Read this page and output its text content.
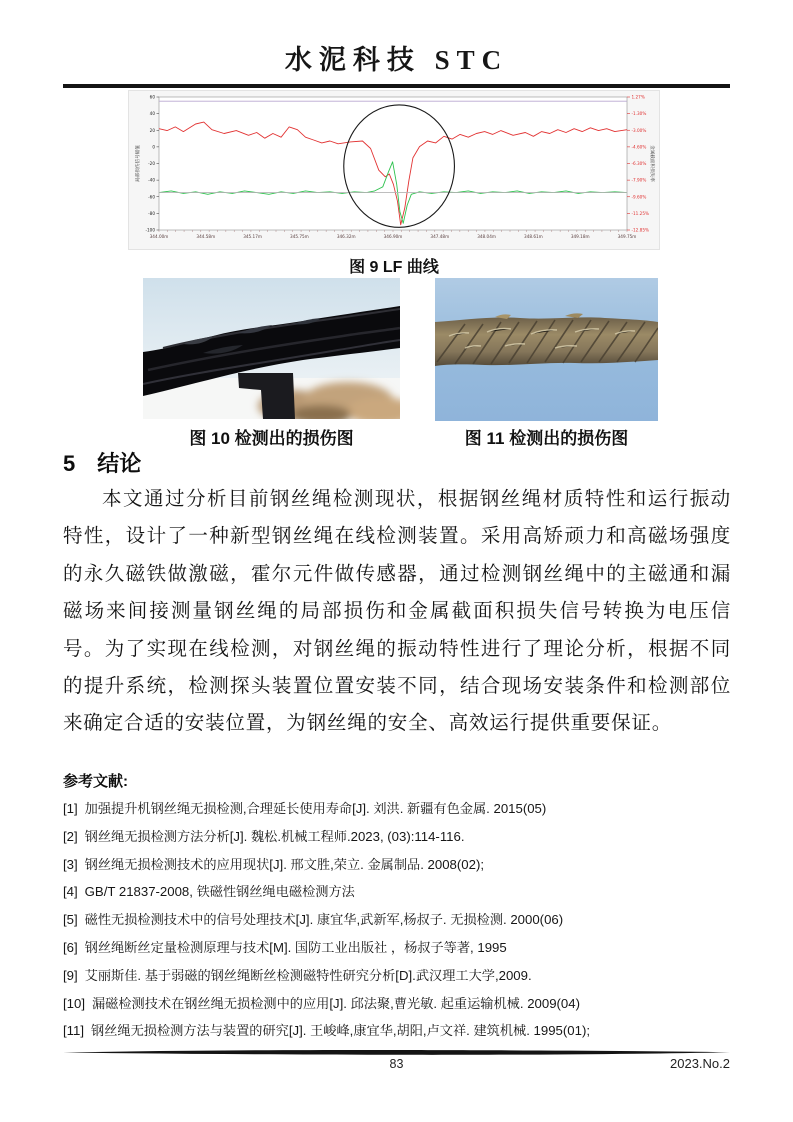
水泥科技 STC
60
40
20
0
-20
-40
-60
-80
-100
1.27%
-1.30%
-3.00%
-4.60%
-6.30%
-7.90%
-9.60%
-11.25%
-12.85%
344.00m	344.58m	345.17m	345.75m	346.32m	346.90m	347.48m	348.04m	348.61m	349.18m	349.75m
局部损伤信号幅值	金属截面积损失率
图 9 LF 曲线
图 10 检测出的损伤图	图 11 检测出的损伤图
5 结论
本文通过分析目前钢丝绳检测现状，根据钢丝绳材质特性和运行振动特性，设计了一种新型钢丝绳在线检测装置。采用高矫顽力和高磁场强度的永久磁铁做激磁，霍尔元件做传感器，通过检测钢丝绳中的主磁通和漏磁场来间接测量钢丝绳的局部损伤和金属截面积损失信号转换为电压信号。为了实现在线检测，对钢丝绳的振动特性进行了理论分析，根据不同的提升系统，检测探头装置位置安装不同，结合现场安装条件和检测部位来确定合适的安装位置，为钢丝绳的安全、高效运行提供重要保证。
参考文献:
[1] 加强提升机钢丝绳无损检测,合理延长使用寿命[J]. 刘洪. 新疆有色金属. 2015(05)
[2] 钢丝绳无损检测方法分析[J]. 魏松.机械工程师.2023, (03):114-116.
[3] 钢丝绳无损检测技术的应用现状[J]. 邢文胜,荣立. 金属制品. 2008(02);
[4] GB/T 21837-2008, 铁磁性钢丝绳电磁检测方法
[5] 磁性无损检测技术中的信号处理技术[J]. 康宜华,武新军,杨叔子. 无损检测. 2000(06)
[6] 钢丝绳断丝定量检测原理与技术[M]. 国防工业出版社 ，杨叔子等著, 1995
[9] 艾丽斯佳. 基于弱磁的钢丝绳断丝检测磁特性研究分析[D].武汉理工大学,2009.
[10] 漏磁检测技术在钢丝绳无损检测中的应用[J]. 邱法聚,曹光敏. 起重运输机械. 2009(04)
[11] 钢丝绳无损检测方法与装置的研究[J]. 王峻峰,康宜华,胡阳,卢文祥. 建筑机械. 1995(01);
83	2023.No.2
